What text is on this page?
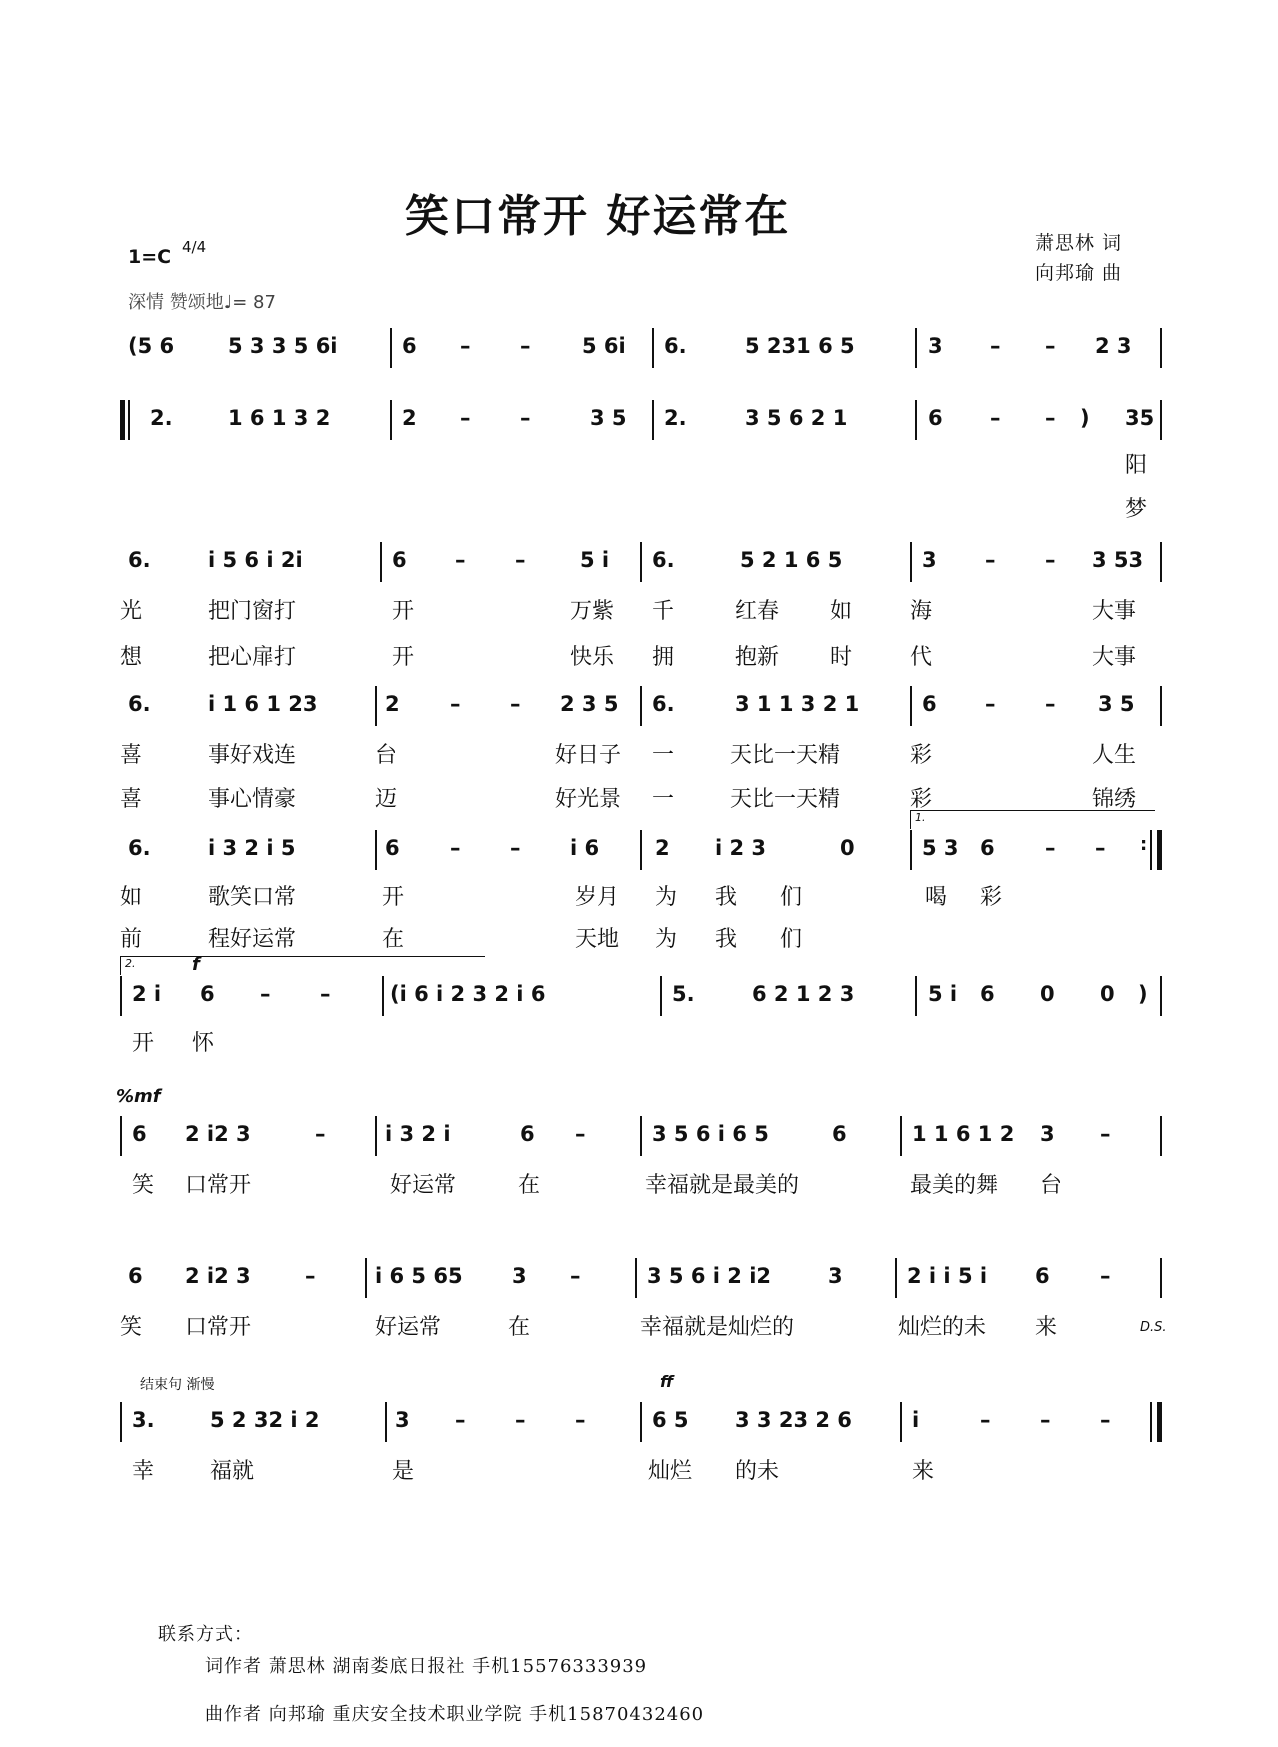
笑口常开 好运常在
萧思林 词
向邦瑜 曲
1=C 4/4
深情 赞颂地♩= 87
(5 6	5 3 3 5 6i	6 – – 5 6i 6.	5 231 6 5	3 – – 2 3
2.	1 6 1 3 2	2 – –	3 5 2.	3 5 6 2 1	6 – – ) 35
阳
梦
6.	i 5 6 i 2i	6 – –	5 i 6.	5 2 1 6 5	3 – – 3 53
光	把门窗打	开	万紫 千	红春 如	海	大事
想	把心扉打	开	快乐 拥	抱新 时	代	大事
6.	i 1 6 1 23	2 – – 2 3 5 6.	3 1 1 3 2 1	6 – – 3 5
喜	事好戏连	台	好日子 一	天比一天精	彩	人生
喜	事心情豪	迈	好光景 一	天比一天精	彩	锦绣
1.
6.	i 3 2 i 5	6 – – i 6	2 i 2 3	0	5 3 6 – – :
如	歌笑口常	开	岁月 为 我 们	喝 彩
前	程好运常	在	天地 为 我 们
2.	f
2 i 6 – –	(i 6 i 2 3 2 i 6	5.	6 2 1 2 3	5 i 6 0 0 )
开 怀
%mf
6 2 i2 3	–	i 3 2 i	6 –	3 5 6 i 6 5	6	1 1 6 1 2 3 –
笑 口常开	好运常	在	幸福就是最美的	最美的舞 台
6 2 i2 3	–	i 6 5 65 3 –	3 5 6 i 2 i2	3	2 i i 5 i 6 –
笑 口常开	好运常	在	幸福就是灿烂的	灿烂的未 来	D.S.
结束句 渐慢	ff
3.	5 2 32 i 2	3 – – –	6 5 3 3 23 2 6	i	– – –
幸	福就	是	灿烂 的未	来
联系方式：
词作者 萧思林 湖南娄底日报社 手机15576333939
曲作者 向邦瑜 重庆安全技术职业学院 手机15870432460
